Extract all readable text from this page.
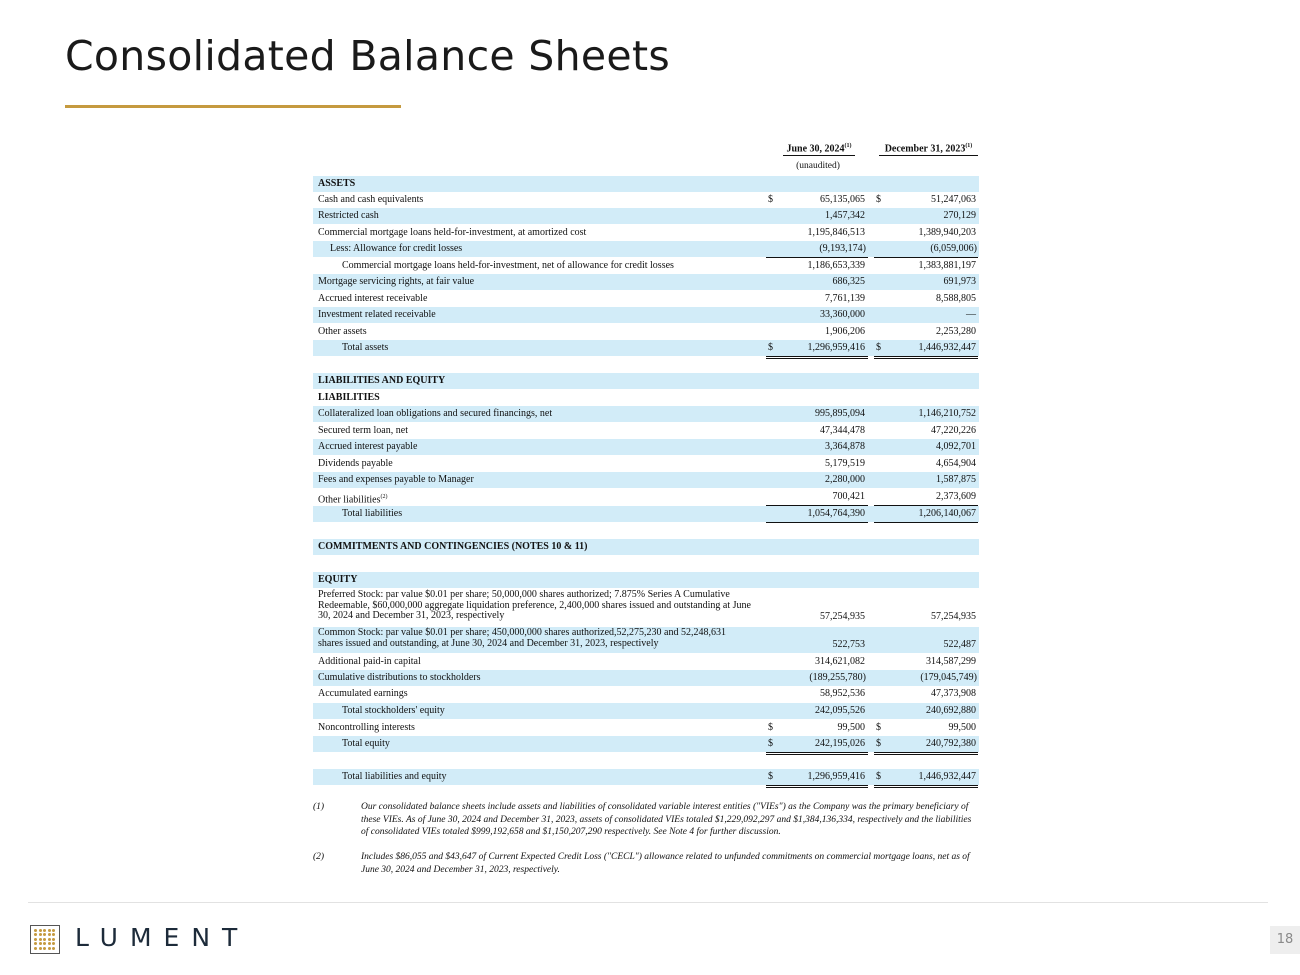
Consolidated Balance Sheets
June 30, 2024$^{(1)}$	December 31, 2023$^{(1)}$
(unaudited)
ASSETS
Cash and cash equivalents	$	65,135,065 $	51,247,063
Restricted cash	1,457,342	270,129
Commercial mortgage loans held-for-investment, at amortized cost	1,195,846,513	1,389,940,203
Less: Allowance for credit losses	(9,193,174)	(6,059,006)
Commercial mortgage loans held-for-investment, net of allowance for credit losses	1,186,653,339	1,383,881,197
Mortgage servicing rights, at fair value	686,325	691,973
Accrued interest receivable	7,761,139	8,588,805
Investment related receivable	33,360,000	—
Other assets	1,906,206	2,253,280
Total assets	$	1,296,959,416 $	1,446,932,447
LIABILITIES AND EQUITY
LIABILITIES
Collateralized loan obligations and secured financings, net	995,895,094	1,146,210,752
Secured term loan, net	47,344,478	47,220,226
Accrued interest payable	3,364,878	4,092,701
Dividends payable	5,179,519	4,654,904
Fees and expenses payable to Manager	2,280,000	1,587,875
Other liabilities$^{(2)}$	700,421	2,373,609
Total liabilities	1,054,764,390	1,206,140,067
COMMITMENTS AND CONTINGENCIES (NOTES 10 & 11)
EQUITY
Preferred Stock: par value $0.01 per share; 50,000,000 shares authorized; 7.875% Series A Cumulative Redeemable, $60,000,000 aggregate liquidation preference, 2,400,000 shares issued and outstanding at June 30, 2024 and December 31, 2023, respectively	57,254,935	57,254,935
Common Stock: par value $0.01 per share; 450,000,000 shares authorized,52,275,230 and 52,248,631 shares issued and outstanding, at June 30, 2024 and December 31, 2023, respectively	522,753	522,487
Additional paid-in capital	314,621,082	314,587,299
Cumulative distributions to stockholders	(189,255,780)	(179,045,749)
Accumulated earnings	58,952,536	47,373,908
Total stockholders' equity	242,095,526	240,692,880
Noncontrolling interests	$	99,500 $	99,500
Total equity	$	242,195,026 $	240,792,380
Total liabilities and equity	$	1,296,959,416 $	1,446,932,447
(1)	Our consolidated balance sheets include assets and liabilities of consolidated variable interest entities ("VIEs") as the Company was the primary beneficiary of these VIEs. As of June 30, 2024 and December 31, 2023, assets of consolidated VIEs totaled $1,229,092,297 and $1,384,136,334, respectively and the liabilities of consolidated VIEs totaled $999,192,658 and $1,150,207,290 respectively. See Note 4 for further discussion.
(2)	Includes $86,055 and $43,647 of Current Expected Credit Loss ("CECL") allowance related to unfunded commitments on commercial mortgage loans, net as of June 30, 2024 and December 31, 2023, respectively.
LUMENT	18
